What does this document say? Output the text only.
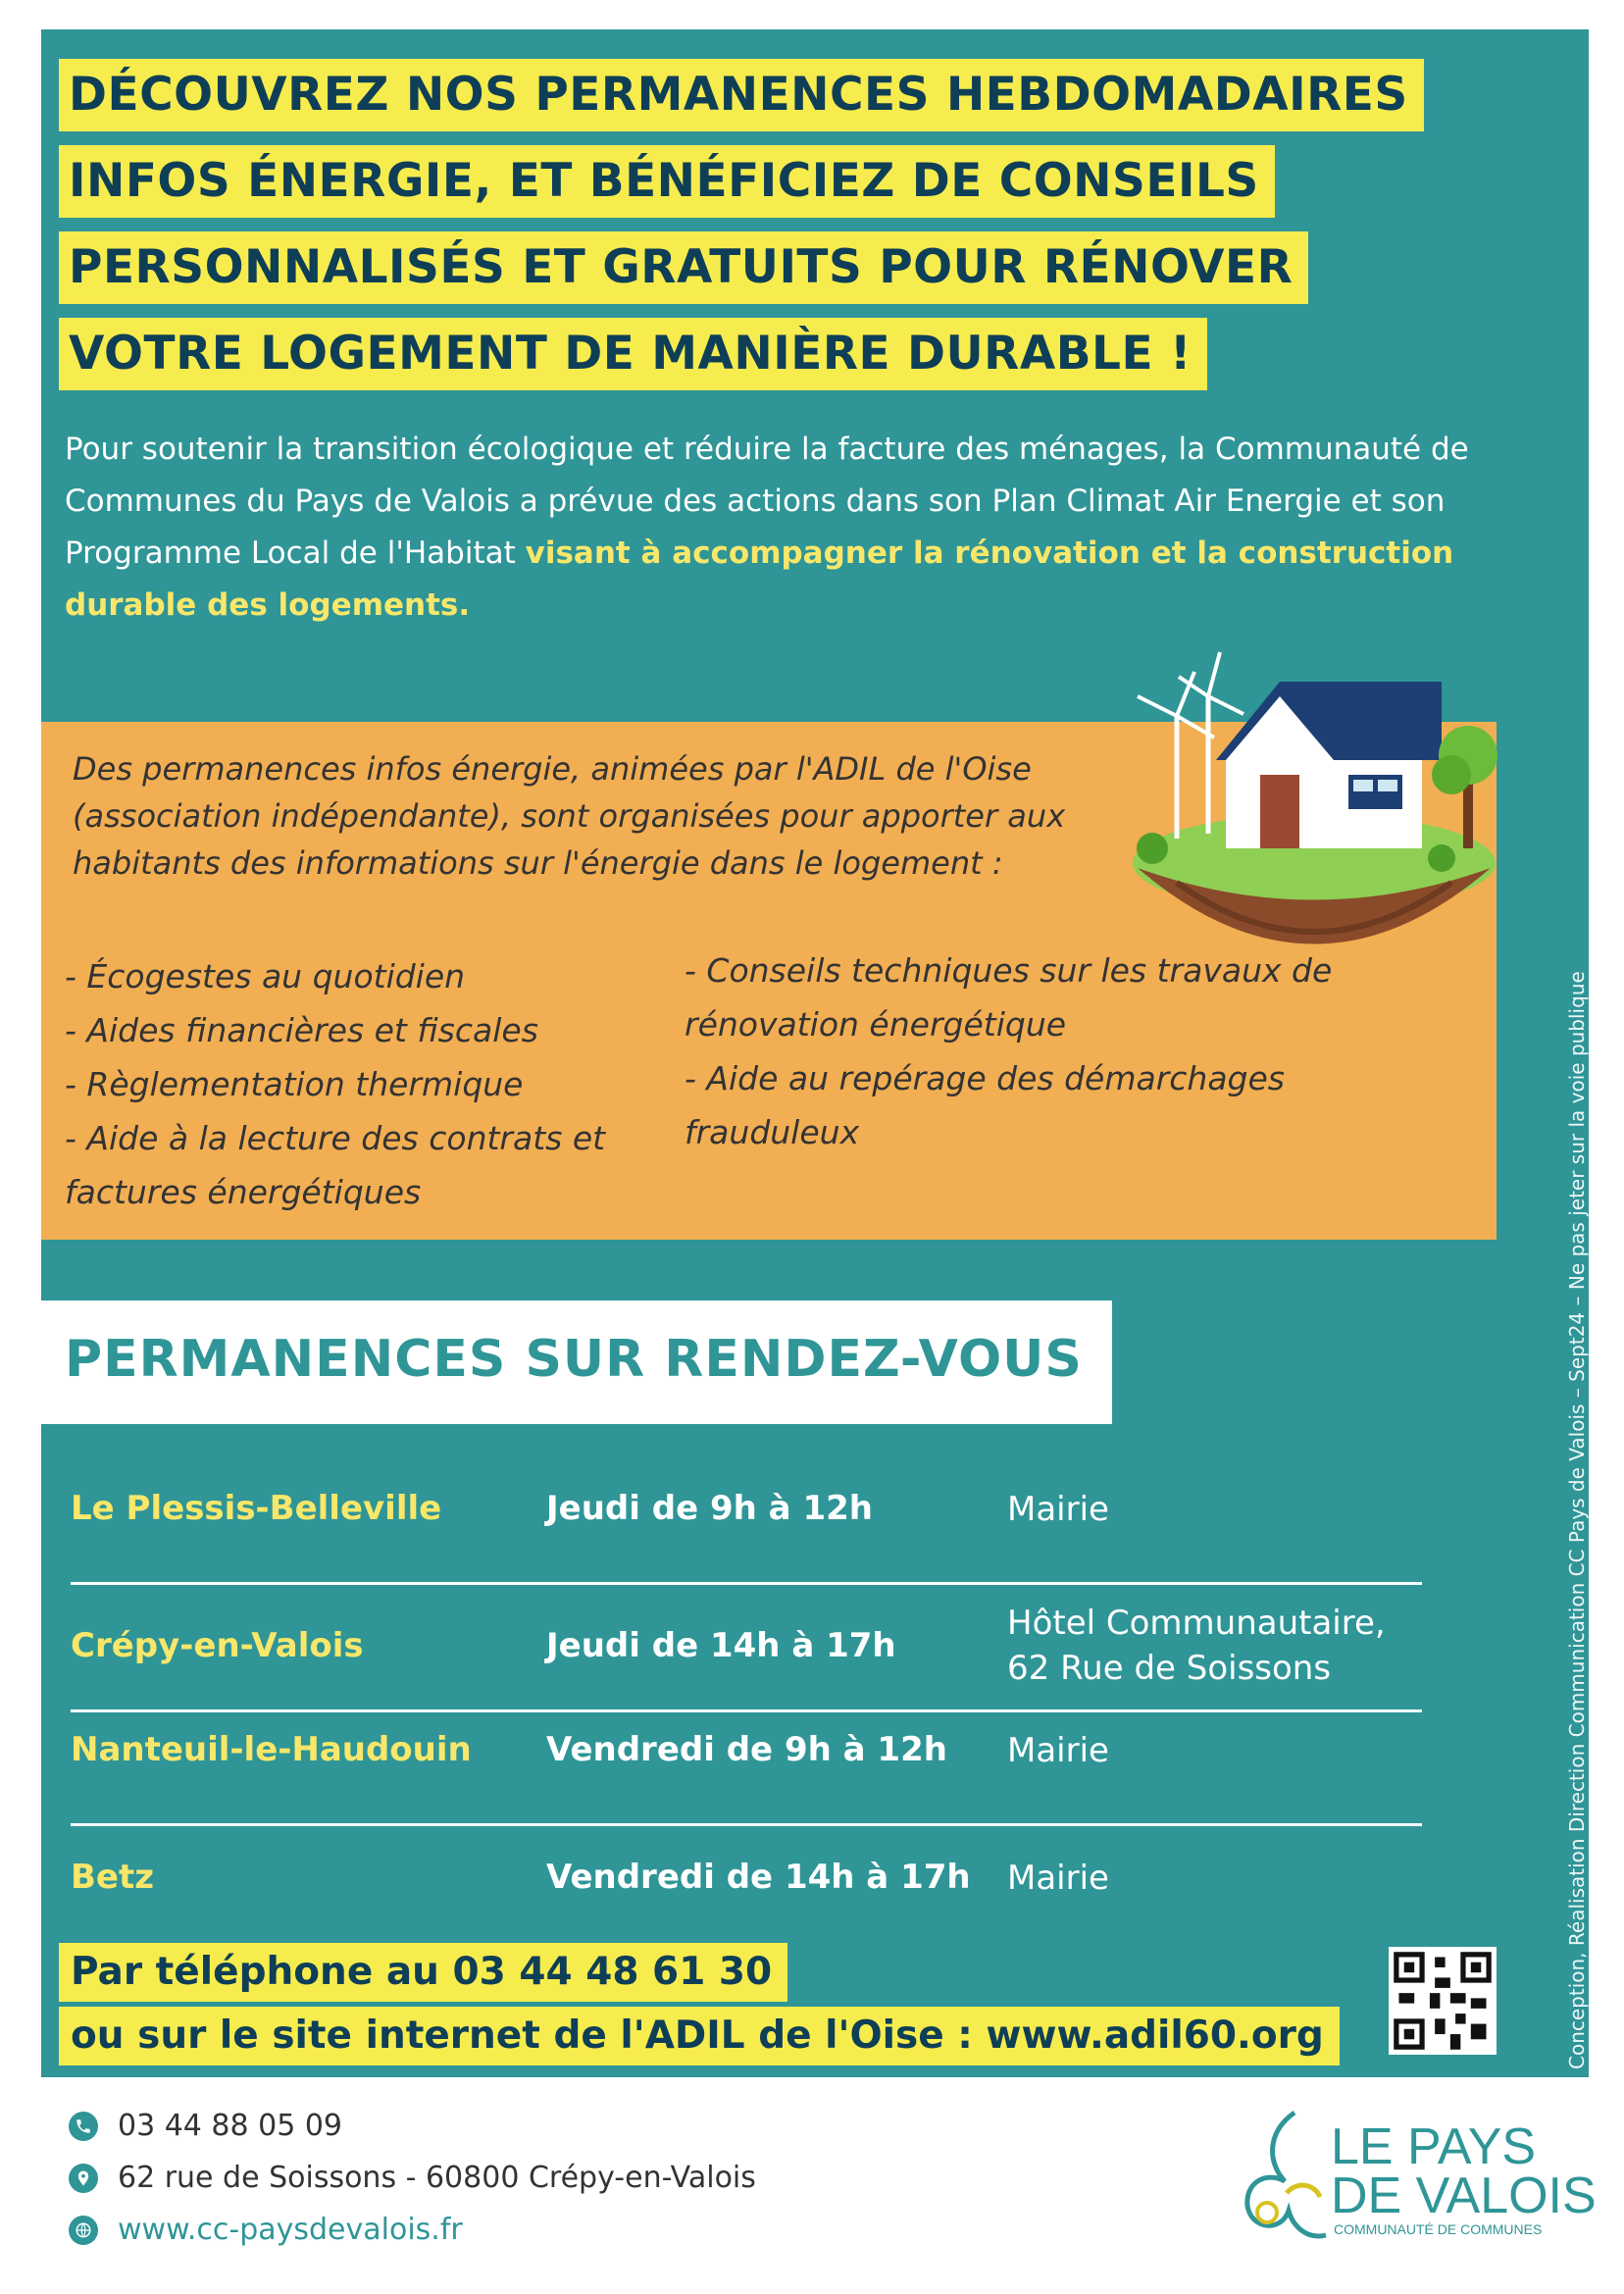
DÉCOUVREZ NOS PERMANENCES HEBDOMADAIRES
INFOS ÉNERGIE, ET BÉNÉFICIEZ DE CONSEILS
PERSONNALISÉS ET GRATUITS POUR RÉNOVER
VOTRE LOGEMENT DE MANIÈRE DURABLE !
Pour soutenir la transition écologique et réduire la facture des ménages, la Communauté de Communes du Pays de Valois a prévue des actions dans son Plan Climat Air Energie et son Programme Local de l'Habitat visant à accompagner la rénovation et la construction durable des logements.
Des permanences infos énergie, animées par l'ADIL de l'Oise (association indépendante), sont organisées pour apporter aux habitants des informations sur l'énergie dans le logement :
- Écogestes au quotidien
- Aides financières et fiscales
- Règlementation thermique
- Aide à la lecture des contrats et factures énergétiques
- Conseils techniques sur les travaux de rénovation énergétique
- Aide au repérage des démarchages frauduleux
PERMANENCES SUR RENDEZ-VOUS
Le Plessis-Belleville	Jeudi de 9h à 12h	Mairie
Crépy-en-Valois	Jeudi de 14h à 17h
Hôtel Communautaire, 62 Rue de Soissons
Nanteuil-le-Haudouin Vendredi de 9h à 12h Mairie
Betz	Vendredi de 14h à 17h Mairie
Par téléphone au 03 44 48 61 30
ou sur le site internet de l'ADIL de l'Oise : www.adil60.org	Conception, Réalisation Direction Communication CC Pays de Valois – Sept24 – Ne pas jeter sur la voie publique
03 44 88 05 09
62 rue de Soissons - 60800 Crépy-en-Valois
www.cc-paysdevalois.fr
LE PAYS
DE VALOIS
COMMUNAUTÉ DE COMMUNES
